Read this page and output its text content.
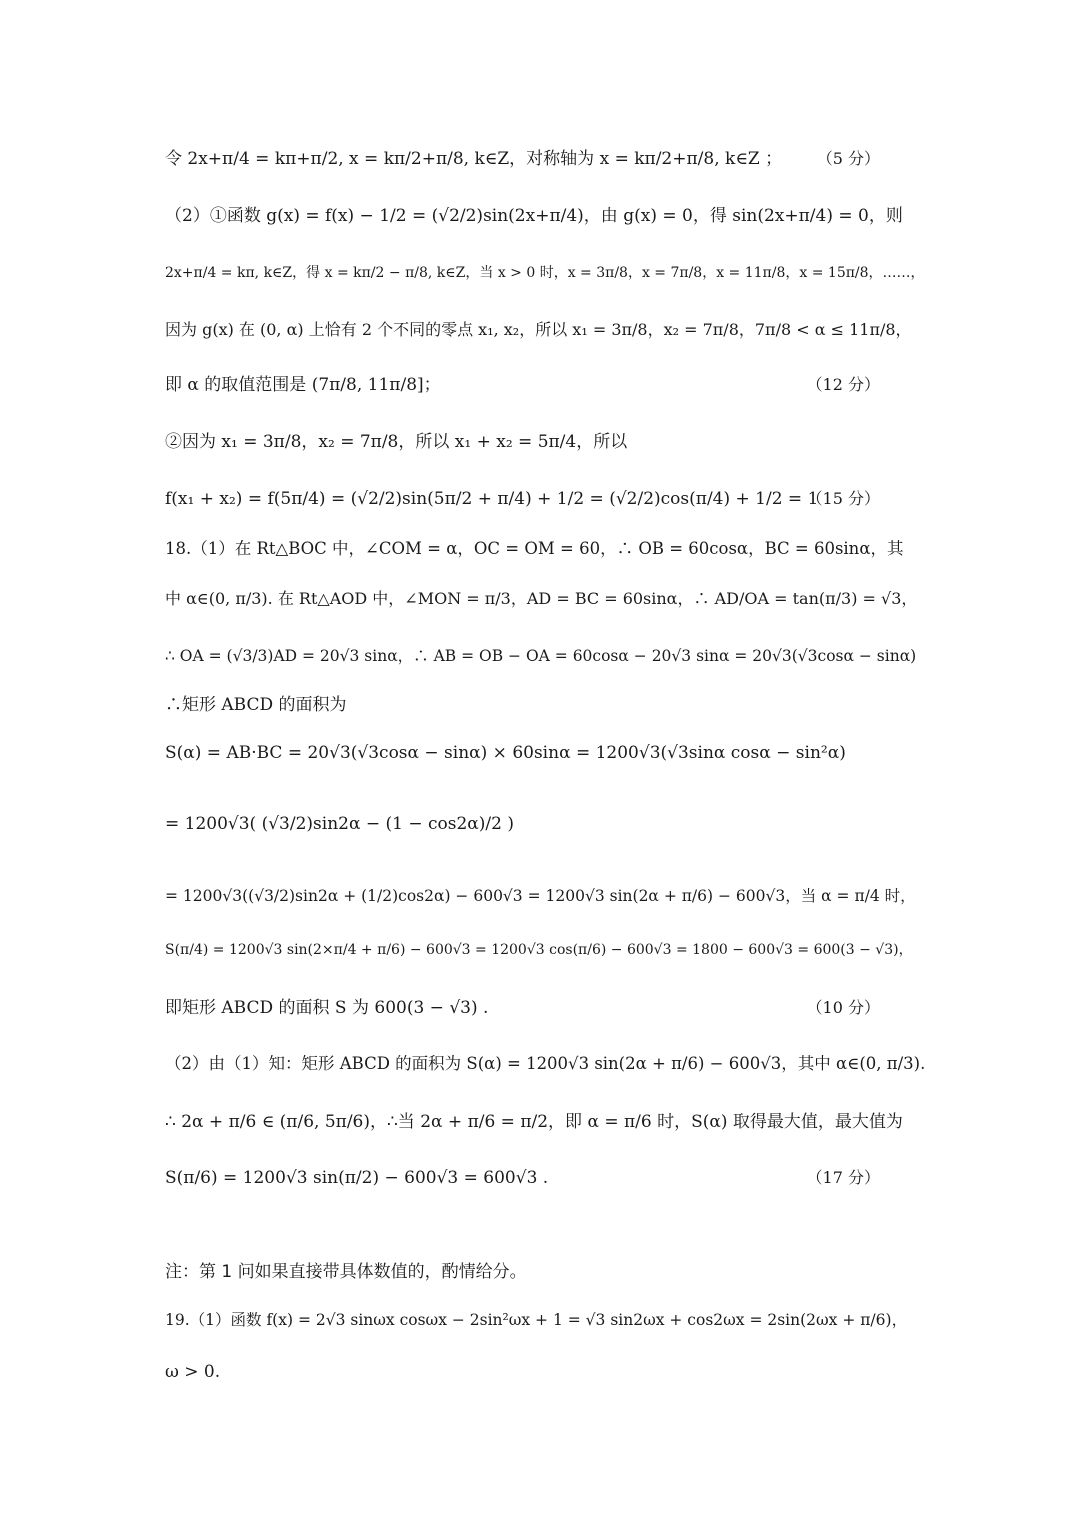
令 2x+π/4 = kπ+π/2, x = kπ/2+π/8, k∈Z，对称轴为 x = kπ/2+π/8, k∈Z ；	（5 分）
（2）①函数 g(x) = f(x) − 1/2 = (√2/2)sin(2x+π/4)，由 g(x) = 0，得 sin(2x+π/4) = 0，则
2x+π/4 = kπ, k∈Z，得 x = kπ/2 − π/8, k∈Z，当 x > 0 时，x = 3π/8，x = 7π/8，x = 11π/8，x = 15π/8，……，
因为 g(x) 在 (0, α) 上恰有 2 个不同的零点 x₁, x₂，所以 x₁ = 3π/8，x₂ = 7π/8，7π/8 < α ≤ 11π/8，
即 α 的取值范围是 (7π/8, 11π/8]；	（12 分）
②因为 x₁ = 3π/8，x₂ = 7π/8，所以 x₁ + x₂ = 5π/4，所以
f(x₁ + x₂) = f(5π/4) = (√2/2)sin(5π/2 + π/4) + 1/2 = (√2/2)cos(π/4) + 1/2 = 1
（15 分）
18.（1）在 Rt△BOC 中，∠COM = α，OC = OM = 60，∴ OB = 60cosα，BC = 60sinα，其
中 α∈(0, π/3). 在 Rt△AOD 中，∠MON = π/3，AD = BC = 60sinα，∴ AD/OA = tan(π/3) = √3，
∴ OA = (√3/3)AD = 20√3 sinα，∴ AB = OB − OA = 60cosα − 20√3 sinα = 20√3(√3cosα − sinα)
∴矩形 ABCD 的面积为
S(α) = AB·BC = 20√3(√3cosα − sinα) × 60sinα = 1200√3(√3sinα cosα − sin²α)
= 1200√3( (√3/2)sin2α − (1 − cos2α)/2 )
= 1200√3((√3/2)sin2α + (1/2)cos2α) − 600√3 = 1200√3 sin(2α + π/6) − 600√3，当 α = π/4 时，
S(π/4) = 1200√3 sin(2×π/4 + π/6) − 600√3 = 1200√3 cos(π/6) − 600√3 = 1800 − 600√3 = 600(3 − √3)，
即矩形 ABCD 的面积 S 为 600(3 − √3) .	（10 分）
（2）由（1）知：矩形 ABCD 的面积为 S(α) = 1200√3 sin(2α + π/6) − 600√3，其中 α∈(0, π/3).
∴ 2α + π/6 ∈ (π/6, 5π/6)，∴当 2α + π/6 = π/2，即 α = π/6 时，S(α) 取得最大值，最大值为
S(π/6) = 1200√3 sin(π/2) − 600√3 = 600√3 .	（17 分）
注：第 1 问如果直接带具体数值的，酌情给分。
19.（1）函数 f(x) = 2√3 sinωx cosωx − 2sin²ωx + 1 = √3 sin2ωx + cos2ωx = 2sin(2ωx + π/6)，
ω > 0.
